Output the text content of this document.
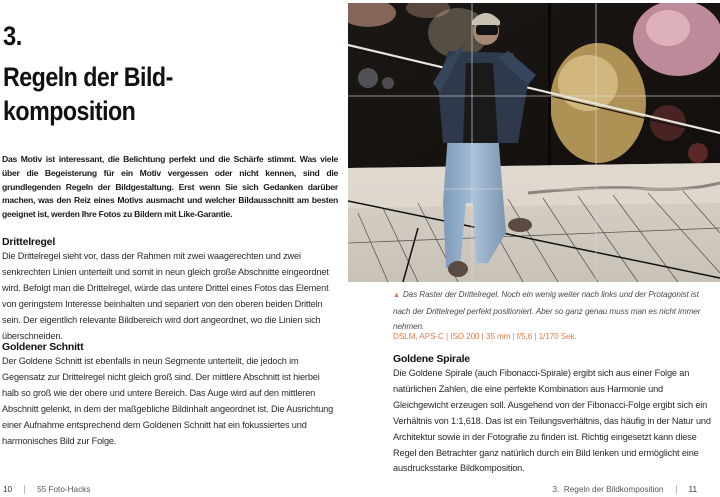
3.
Regeln der Bild-
komposition
Das Motiv ist interessant, die Belichtung perfekt und die Schärfe stimmt. Was viele über die Begeisterung für ein Motiv vergessen oder nicht kennen, sind die grundlegenden Regeln der Bildgestaltung. Erst wenn Sie sich Gedanken darüber machen, was den Reiz eines Motivs ausmacht und welcher Bildausschnitt am besten geeignet ist, werden Ihre Fotos zu Bildern mit Like-Garantie.
Drittelregel

Die Drittelregel sieht vor, dass der Rahmen mit zwei waagerechten und zwei senkrechten Linien unterteilt und somit in neun gleich große Abschnitte eingeordnet wird. Befolgt man die Drittelregel, würde das untere Drittel eines Fotos das Element von geringstem Interesse beinhalten und separiert von den oberen beiden Dritteln sein. Der eigentlich relevante Bildbereich wird dort angeordnet, wo die Linien sich überschneiden.

Goldener Schnitt

Der Goldene Schnitt ist ebenfalls in neun Segmente unterteilt, die jedoch im Gegensatz zur Drittelregel nicht gleich groß sind. Der mittlere Abschnitt ist hierbei halb so groß wie der obere und untere Bereich. Das Auge wird auf den mittleren Abschnitt gelenkt, in dem der maßgebliche Bildinhalt angeordnet ist. Die Ausrichtung einer Aufnahme entsprechend dem Goldenen Schnitt hat ein fokussiertes und harmonisches Bild zur Folge.

10	55 Foto-Hacks
▲ Das Raster der Drittelregel. Noch ein wenig weiter nach links und der Protagonist ist nach der Drittelregel perfekt positioniert. Aber so ganz genau muss man es nicht immer nehmen.
DSLM, APS-C | ISO 200 | 35 mm | f/5,6 | 1/170 Sek.
Goldene Spirale

Die Goldene Spirale (auch Fibonacci-Spirale) ergibt sich aus einer Folge an natürlichen Zahlen, die eine perfekte Kombination aus Harmonie und Gleichgewicht erzeugen soll. Ausgehend von der Fibonacci-Folge ergibt sich ein Verhältnis von 1:1,618. Das ist ein Teilungsverhältnis, das häufig in der Natur und Architektur sowie in der Fotografie zu finden ist. Richtig eingesetzt kann diese Regel den Betrachter ganz natürlich durch ein Bild lenken und ermöglicht eine ausdrucksstarke Bildkomposition.

3.  Regeln der Bildkomposition	11
